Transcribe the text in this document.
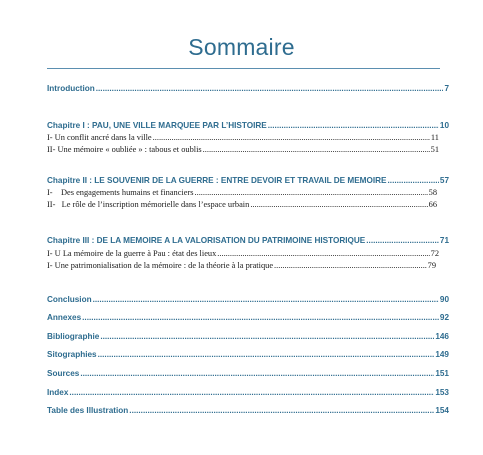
Sommaire
Introduction .....	7
Chapitre I : PAU, UNE VILLE MARQUEE PAR L’HISTOIRE .....	10
I- Un conflit ancré dans la ville .....	11
II- Une mémoire « oubliée » : tabous et oublis .....	51
Chapitre II : LE SOUVENIR DE LA GUERRE : ENTRE DEVOIR ET TRAVAIL DE MEMOIRE .....	57
I-    Des engagements humains et financiers .....	58
II-   Le rôle de l’inscription mémorielle dans l’espace urbain .....	66
Chapitre III : DE LA MEMOIRE A LA VALORISATION DU PATRIMOINE HISTORIQUE .....	71
I- U La mémoire de la guerre à Pau : état des lieux .....	72
I- Une patrimonialisation de la mémoire : de la théorie à la pratique .....	79
Conclusion .....	90
Annexes .....	92
Bibliographie .....	146
Sitographies .....	149
Sources .....	151
Index .....	153
Table des Illustration .....	154
